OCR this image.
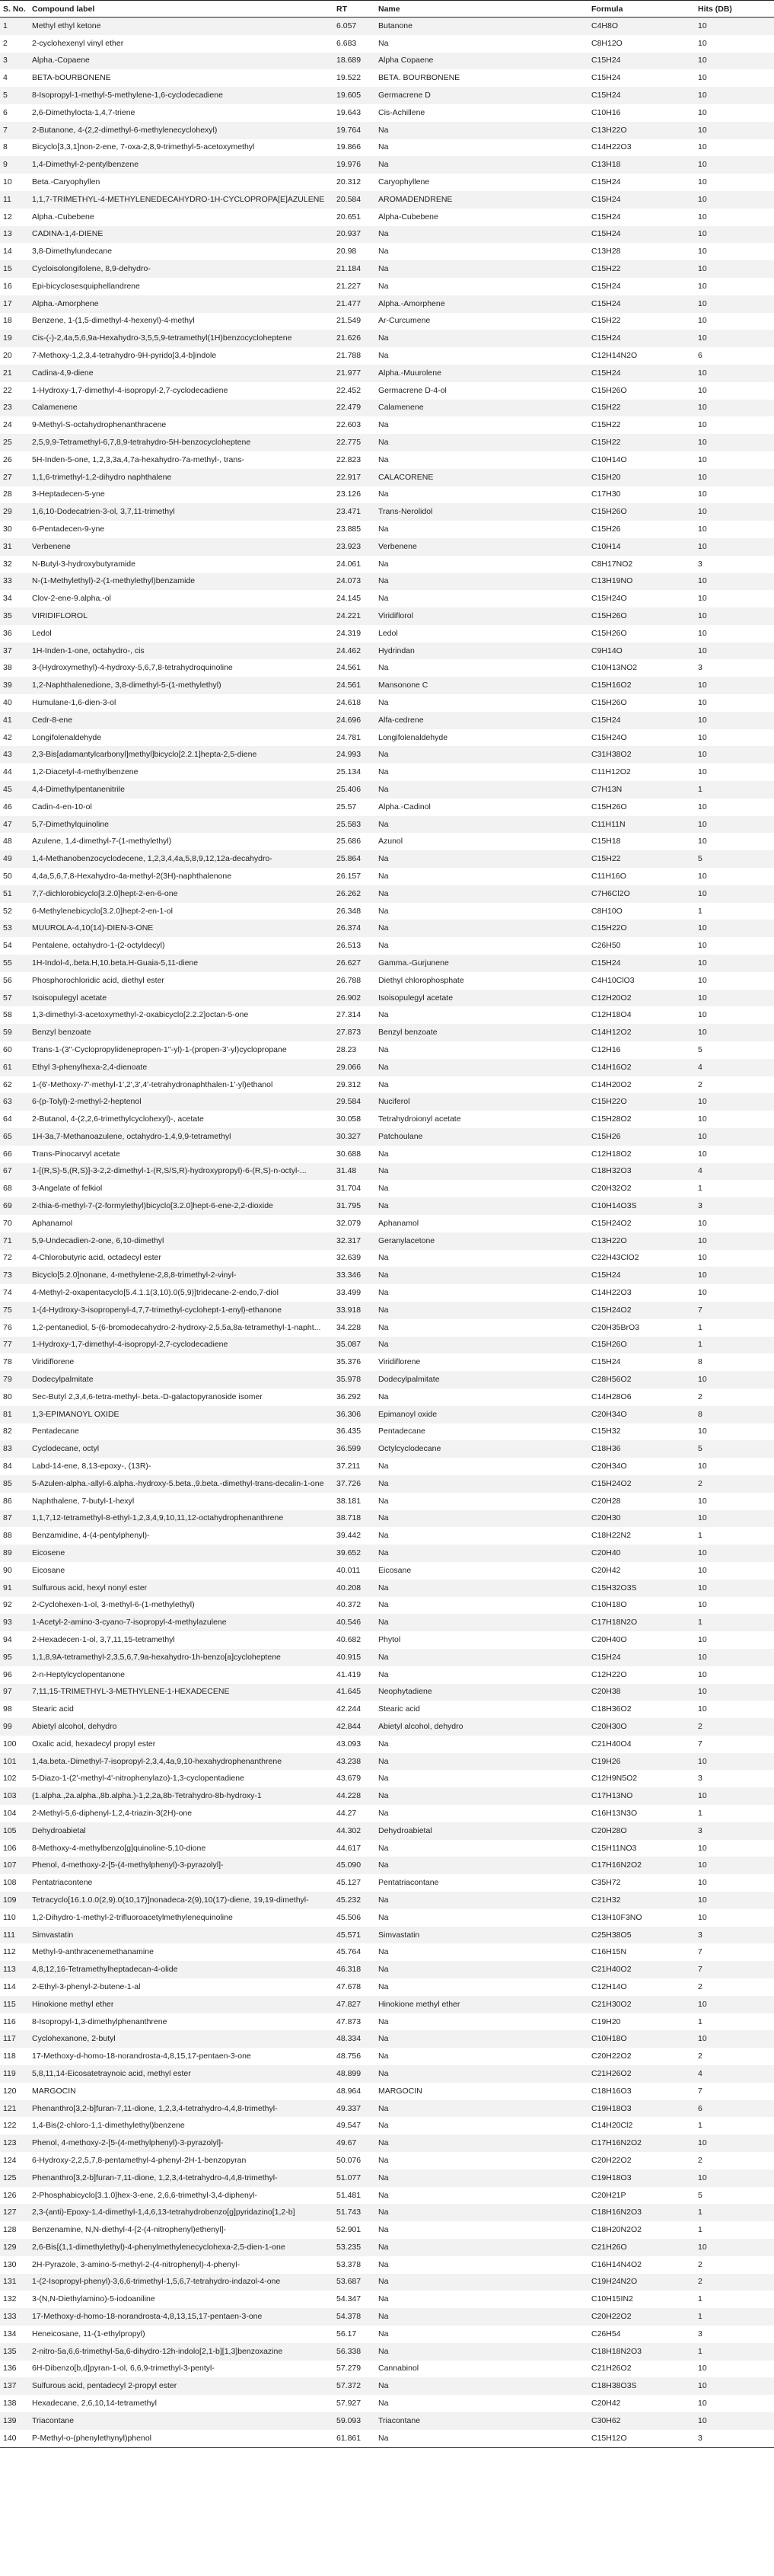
S. No.	Compound label	RT	Name	Formula	Hits (DB)
1	Methyl ethyl ketone	6.057	Butanone	C4H8O	10
2	2-cyclohexenyl vinyl ether	6.683	Na	C8H12O	10
3	Alpha.-Copaene	18.689	Alpha Copaene	C15H24	10
4	BETA-bOURBONENE	19.522	BETA. BOURBONENE	C15H24	10
5	8-Isopropyl-1-methyl-5-methylene-1,6-cyclodecadiene	19.605	Germacrene D	C15H24	10
6	2,6-Dimethylocta-1,4,7-triene	19.643	Cis-Achillene	C10H16	10
7	2-Butanone, 4-(2,2-dimethyl-6-methylenecyclohexyl)	19.764	Na	C13H22O	10
8	Bicyclo[3,3,1]non-2-ene, 7-oxa-2,8,9-trimethyl-5-acetoxymethyl	19.866	Na	C14H22O3	10
9	1,4-Dimethyl-2-pentylbenzene	19.976	Na	C13H18	10
10	Beta.-Caryophyllen	20.312	Caryophyllene	C15H24	10
11	1,1,7-TRIMETHYL-4-METHYLENEDECAHYDRO-1H-CYCLOPROPA[E]AZULENE	20.584	AROMADENDRENE	C15H24	10
12	Alpha.-Cubebene	20.651	Alpha-Cubebene	C15H24	10
13	CADINA-1,4-DIENE	20.937	Na	C15H24	10
14	3,8-Dimethylundecane	20.98	Na	C13H28	10
15	Cycloisolongifolene, 8,9-dehydro-	21.184	Na	C15H22	10
16	Epi-bicyclosesquiphellandrene	21.227	Na	C15H24	10
17	Alpha.-Amorphene	21.477	Alpha.-Amorphene	C15H24	10
18	Benzene, 1-(1,5-dimethyl-4-hexenyl)-4-methyl	21.549	Ar-Curcumene	C15H22	10
19	Cis-(-)-2,4a,5,6,9a-Hexahydro-3,5,5,9-tetramethyl(1H)benzocycloheptene	21.626	Na	C15H24	10
20	7-Methoxy-1,2,3,4-tetrahydro-9H-pyrido[3,4-b]indole	21.788	Na	C12H14N2O	6
21	Cadina-4,9-diene	21.977	Alpha.-Muurolene	C15H24	10
22	1-Hydroxy-1,7-dimethyl-4-isopropyl-2,7-cyclodecadiene	22.452	Germacrene D-4-ol	C15H26O	10
23	Calamenene	22.479	Calamenene	C15H22	10
24	9-Methyl-S-octahydrophenanthracene	22.603	Na	C15H22	10
25	2,5,9,9-Tetramethyl-6,7,8,9-tetrahydro-5H-benzocycloheptene	22.775	Na	C15H22	10
26	5H-Inden-5-one, 1,2,3,3a,4,7a-hexahydro-7a-methyl-, trans-	22.823	Na	C10H14O	10
27	1,1,6-trimethyl-1,2-dihydro naphthalene	22.917	CALACORENE	C15H20	10
28	3-Heptadecen-5-yne	23.126	Na	C17H30	10
29	1,6,10-Dodecatrien-3-ol, 3,7,11-trimethyl	23.471	Trans-Nerolidol	C15H26O	10
30	6-Pentadecen-9-yne	23.885	Na	C15H26	10
31	Verbenene	23.923	Verbenene	C10H14	10
32	N-Butyl-3-hydroxybutyramide	24.061	Na	C8H17NO2	3
33	N-(1-Methylethyl)-2-(1-methylethyl)benzamide	24.073	Na	C13H19NO	10
34	Clov-2-ene-9.alpha.-ol	24.145	Na	C15H24O	10
35	VIRIDIFLOROL	24.221	Viridiflorol	C15H26O	10
36	Ledol	24.319	Ledol	C15H26O	10
37	1H-Inden-1-one, octahydro-, cis	24.462	Hydrindan	C9H14O	10
38	3-(Hydroxymethyl)-4-hydroxy-5,6,7,8-tetrahydroquinoline	24.561	Na	C10H13NO2	3
39	1,2-Naphthalenedione, 3,8-dimethyl-5-(1-methylethyl)	24.561	Mansonone C	C15H16O2	10
40	Humulane-1,6-dien-3-ol	24.618	Na	C15H26O	10
41	Cedr-8-ene	24.696	Alfa-cedrene	C15H24	10
42	Longifolenaldehyde	24.781	Longifolenaldehyde	C15H24O	10
43	2,3-Bis[adamantylcarbonyl]methyl]bicyclo[2.2.1]hepta-2,5-diene	24.993	Na	C31H38O2	10
44	1,2-Diacetyl-4-methylbenzene	25.134	Na	C11H12O2	10
45	4,4-Dimethylpentanenitrile	25.406	Na	C7H13N	1
46	Cadin-4-en-10-ol	25.57	Alpha.-Cadinol	C15H26O	10
47	5,7-Dimethylquinoline	25.583	Na	C11H11N	10
48	Azulene, 1,4-dimethyl-7-(1-methylethyl)	25.686	Azunol	C15H18	10
49	1,4-Methanobenzocyclodecene, 1,2,3,4,4a,5,8,9,12,12a-decahydro-	25.864	Na	C15H22	5
50	4,4a,5,6,7,8-Hexahydro-4a-methyl-2(3H)-naphthalenone	26.157	Na	C11H16O	10
51	7,7-dichlorobicyclo[3.2.0]hept-2-en-6-one	26.262	Na	C7H6Cl2O	10
52	6-Methylenebicyclo[3.2.0]hept-2-en-1-ol	26.348	Na	C8H10O	1
53	MUUROLA-4,10(14)-DIEN-3-ONE	26.374	Na	C15H22O	10
54	Pentalene, octahydro-1-(2-octyldecyl)	26.513	Na	C26H50	10
55	1H-Indol-4,.beta.H,10.beta.H-Guaia-5,11-diene	26.627	Gamma.-Gurjunene	C15H24	10
56	Phosphorochloridic acid, diethyl ester	26.788	Diethyl chlorophosphate	C4H10ClO3	10
57	Isoisopulegyl acetate	26.902	Isoisopulegyl acetate	C12H20O2	10
58	1,3-dimethyl-3-acetoxymethyl-2-oxabicyclo[2.2.2]octan-5-one	27.314	Na	C12H18O4	10
59	Benzyl benzoate	27.873	Benzyl benzoate	C14H12O2	10
60	Trans-1-(3''-Cyclopropylidenepropen-1''-yl)-1-(propen-3'-yl)cyclopropane	28.23	Na	C12H16	5
61	Ethyl 3-phenylhexa-2,4-dienoate	29.066	Na	C14H16O2	4
62	1-(6'-Methoxy-7'-methyl-1',2',3',4'-tetrahydronaphthalen-1'-yl)ethanol	29.312	Na	C14H20O2	2
63	6-(p-Tolyl)-2-methyl-2-heptenol	29.584	Nuciferol	C15H22O	10
64	2-Butanol, 4-(2,2,6-trimethylcyclohexyl)-, acetate	30.058	Tetrahydroionyl acetate	C15H28O2	10
65	1H-3a,7-Methanoazulene, octahydro-1,4,9,9-tetramethyl	30.327	Patchoulane	C15H26	10
66	Trans-Pinocarvyl acetate	30.688	Na	C12H18O2	10
67	1-[(R,S)-5,(R,S)]-3-2,2-dimethyl-1-(R,S/S,R)-hydroxypropyl)-6-(R,S)-n-octyl-...	31.48	Na	C18H32O3	4
68	3-Angelate of felkiol	31.704	Na	C20H32O2	1
69	2-thia-6-methyl-7-(2-formylethyl)bicyclo[3.2.0]hept-6-ene-2,2-dioxide	31.795	Na	C10H14O3S	3
70	Aphanamol	32.079	Aphanamol	C15H24O2	10
71	5,9-Undecadien-2-one, 6,10-dimethyl	32.317	Geranylacetone	C13H22O	10
72	4-Chlorobutyric acid, octadecyl ester	32.639	Na	C22H43ClO2	10
73	Bicyclo[5.2.0]nonane, 4-methylene-2,8,8-trimethyl-2-vinyl-	33.346	Na	C15H24	10
74	4-Methyl-2-oxapentacyclo[5.4.1.1(3,10).0(5,9)]tridecane-2-endo,7-diol	33.499	Na	C14H22O3	10
75	1-(4-Hydroxy-3-isopropenyl-4,7,7-trimethyl-cyclohept-1-enyl)-ethanone	33.918	Na	C15H24O2	7
76	1,2-pentanediol, 5-(6-bromodecahydro-2-hydroxy-2,5,5a,8a-tetramethyl-1-napht...	34.228	Na	C20H35BrO3	1
77	1-Hydroxy-1,7-dimethyl-4-isopropyl-2,7-cyclodecadiene	35.087	Na	C15H26O	1
78	Viridiflorene	35.376	Viridiflorene	C15H24	8
79	Dodecylpalmitate	35.978	Dodecylpalmitate	C28H56O2	10
80	Sec-Butyl 2,3,4,6-tetra-methyl-.beta.-D-galactopyranoside isomer	36.292	Na	C14H28O6	2
81	1,3-EPIMANOYL OXIDE	36.306	Epimanoyl oxide	C20H34O	8
82	Pentadecane	36.435	Pentadecane	C15H32	10
83	Cyclodecane, octyl	36.599	Octylcyclodecane	C18H36	5
84	Labd-14-ene, 8,13-epoxy-, (13R)-	37.211	Na	C20H34O	10
85	5-Azulen-alpha.-allyl-6.alpha.-hydroxy-5.beta.,9.beta.-dimethyl-trans-decalin-1-one	37.726	Na	C15H24O2	2
86	Naphthalene, 7-butyl-1-hexyl	38.181	Na	C20H28	10
87	1,1,7,12-tetramethyl-8-ethyl-1,2,3,4,9,10,11,12-octahydrophenanthrene	38.718	Na	C20H30	10
88	Benzamidine, 4-(4-pentylphenyl)-	39.442	Na	C18H22N2	1
89	Eicosene	39.652	Na	C20H40	10
90	Eicosane	40.011	Eicosane	C20H42	10
91	Sulfurous acid, hexyl nonyl ester	40.208	Na	C15H32O3S	10
92	2-Cyclohexen-1-ol, 3-methyl-6-(1-methylethyl)	40.372	Na	C10H18O	10
93	1-Acetyl-2-amino-3-cyano-7-isopropyl-4-methylazulene	40.546	Na	C17H18N2O	1
94	2-Hexadecen-1-ol, 3,7,11,15-tetramethyl	40.682	Phytol	C20H40O	10
95	1,1,8,9A-tetramethyl-2,3,5,6,7,9a-hexahydro-1h-benzo[a]cycloheptene	40.915	Na	C15H24	10
96	2-n-Heptylcyclopentanone	41.419	Na	C12H22O	10
97	7,11,15-TRIMETHYL-3-METHYLENE-1-HEXADECENE	41.645	Neophytadiene	C20H38	10
98	Stearic acid	42.244	Stearic acid	C18H36O2	10
99	Abietyl alcohol, dehydro	42.844	Abietyl alcohol, dehydro	C20H30O	2
100	Oxalic acid, hexadecyl propyl ester	43.093	Na	C21H40O4	7
101	1,4a.beta.-Dimethyl-7-isopropyl-2,3,4,4a,9,10-hexahydrophenanthrene	43.238	Na	C19H26	10
102	5-Diazo-1-(2'-methyl-4'-nitrophenylazo)-1,3-cyclopentadiene	43.679	Na	C12H9N5O2	3
103	(1.alpha.,2a.alpha.,8b.alpha.)-1,2,2a,8b-Tetrahydro-8b-hydroxy-1	44.228	Na	C17H13NO	10
104	2-Methyl-5,6-diphenyl-1,2,4-triazin-3(2H)-one	44.27	Na	C16H13N3O	1
105	Dehydroabietal	44.302	Dehydroabietal	C20H28O	3
106	8-Methoxy-4-methylbenzo[g]quinoline-5,10-dione	44.617	Na	C15H11NO3	10
107	Phenol, 4-methoxy-2-[5-(4-methylphenyl)-3-pyrazolyl]-	45.090	Na	C17H16N2O2	10
108	Pentatriacontene	45.127	Pentatriacontane	C35H72	10
109	Tetracyclo[16.1.0.0(2,9).0(10,17)]nonadeca-2(9),10(17)-diene, 19,19-dimethyl-	45.232	Na	C21H32	10
110	1,2-Dihydro-1-methyl-2-trifluoroacetylmethylenequinoline	45.506	Na	C13H10F3NO	10
111	Simvastatin	45.571	Simvastatin	C25H38O5	3
112	Methyl-9-anthracenemethanamine	45.764	Na	C16H15N	7
113	4,8,12,16-Tetramethylheptadecan-4-olide	46.318	Na	C21H40O2	7
114	2-Ethyl-3-phenyl-2-butene-1-al	47.678	Na	C12H14O	2
115	Hinokione methyl ether	47.827	Hinokione methyl ether	C21H30O2	10
116	8-Isopropyl-1,3-dimethylphenanthrene	47.873	Na	C19H20	1
117	Cyclohexanone, 2-butyl	48.334	Na	C10H18O	10
118	17-Methoxy-d-homo-18-norandrosta-4,8,15,17-pentaen-3-one	48.756	Na	C20H22O2	2
119	5,8,11,14-Eicosatetraynoic acid, methyl ester	48.899	Na	C21H26O2	4
120	MARGOCIN	48.964	MARGOCIN	C18H16O3	7
121	Phenanthro[3,2-b]furan-7,11-dione, 1,2,3,4-tetrahydro-4,4,8-trimethyl-	49.337	Na	C19H18O3	6
122	1,4-Bis(2-chloro-1,1-dimethylethyl)benzene	49.547	Na	C14H20Cl2	1
123	Phenol, 4-methoxy-2-[5-(4-methylphenyl)-3-pyrazolyl]-	49.67	Na	C17H16N2O2	10
124	6-Hydroxy-2,2,5,7,8-pentamethyl-4-phenyl-2H-1-benzopyran	50.076	Na	C20H22O2	2
125	Phenanthro[3,2-b]furan-7,11-dione, 1,2,3,4-tetrahydro-4,4,8-trimethyl-	51.077	Na	C19H18O3	10
126	2-Phosphabicyclo[3.1.0]hex-3-ene, 2,6,6-trimethyl-3,4-diphenyl-	51.481	Na	C20H21P	5
127	2,3-(anti)-Epoxy-1,4-dimethyl-1,4,6,13-tetrahydrobenzo[g]pyridazino[1,2-b]	51.743	Na	C18H16N2O3	1
128	Benzenamine, N,N-diethyl-4-[2-(4-nitrophenyl)ethenyl]-	52.901	Na	C18H20N2O2	1
129	2,6-Bis[(1,1-dimethylethyl)-4-phenylmethylenecyclohexa-2,5-dien-1-one	53.235	Na	C21H26O	10
130	2H-Pyrazole, 3-amino-5-methyl-2-(4-nitrophenyl)-4-phenyl-	53.378	Na	C16H14N4O2	2
131	1-(2-Isopropyl-phenyl)-3,6,6-trimethyl-1,5,6,7-tetrahydro-indazol-4-one	53.687	Na	C19H24N2O	2
132	3-(N,N-Diethylamino)-5-iodoaniline	54.347	Na	C10H15IN2	1
133	17-Methoxy-d-homo-18-norandrosta-4,8,13,15,17-pentaen-3-one	54.378	Na	C20H22O2	1
134	Heneicosane, 11-(1-ethylpropyl)	56.17	Na	C26H54	3
135	2-nitro-5a,6,6-trimethyl-5a,6-dihydro-12h-indolo[2,1-b][1,3]benzoxazine	56.338	Na	C18H18N2O3	1
136	6H-Dibenzo[b,d]pyran-1-ol, 6,6,9-trimethyl-3-pentyl-	57.279	Cannabinol	C21H26O2	10
137	Sulfurous acid, pentadecyl 2-propyl ester	57.372	Na	C18H38O3S	10
138	Hexadecane, 2,6,10,14-tetramethyl	57.927	Na	C20H42	10
139	Triacontane	59.093	Triacontane	C30H62	10
140	P-Methyl-o-(phenylethynyl)phenol	61.861	Na	C15H12O	3
